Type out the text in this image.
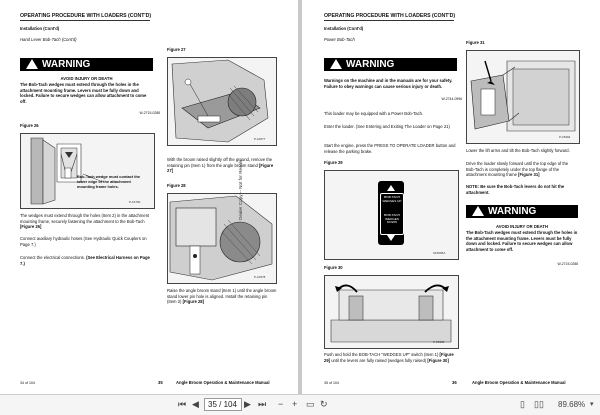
OPERATING PROCEDURE WITH LOADERS (CONT'D)
Installation (Cont'd)
Hand Lever Bob-Tach (Cont'd)
WARNING
AVOID INJURY OR DEATH
The Bob-Tach wedges must extend through the holes in the attachment mounting frame. Levers must be fully down and locked. Failure to secure wedges can allow attachment to come off.
W-2715-0288
Figure 26
Bob-Tach wedge must contact the lower edge of the attachment mounting frame holes.
P-16790
The wedges must extend through the holes (Item 2) in the attachment mounting frame, securely fastening the attachment to the Bob-Tach [Figure 26]
Connect auxiliary hydraulic hoses (See Hydraulic Quick Couplers on Page 7.)
Connect the electrical connections. (See Electrical Harness on Page 7.)
Figure 27
P-10677
With the broom raised slightly off the ground, remove the retaining pin (Item 1) from the angle broom stand [Figure 27]
Figure 28
P-10678
Raise the angle broom stand (Item 1) until the angle broom stand lower pin hole is aligned. Install the retaining pin (Item 2) [Figure 28]
Dealer Copy -- Not for Resale
34 of 104	35	Angle Broom Operation & Maintenance Manual
OPERATING PROCEDURE WITH LOADERS (CONT'D)
Installation (Cont'd)
Power Bob-Tach
WARNING
Warnings on the machine and in the manuals are for your safety. Failure to obey warnings can cause serious injury or death.
W-2744-0996
This loader may be equipped with a Power Bob-Tach.
Enter the loader. (See Entering and Exiting The Loader on Page 21)
Start the engine, press the PRESS TO OPERATE LOADER button and release the parking brake.
Figure 29
BOB-TACH WEDGES UP
BOB-TACH WEDGES DOWN
S15695A
Figure 30
P-15995
Push and hold the BOB-TACH "WEDGES UP" switch (Item 1) [Figure 29] until the levers are fully raised (wedges fully raised) [Figure 30]
Figure 31
P-15994
Lower the lift arms and tilt the Bob-Tach slightly forward.
Drive the loader slowly forward until the top edge of the Bob-Tach is completely under the top flange of the attachment mounting frame [Figure 31]
NOTE: Be sure the Bob-Tach levers do not hit the attachment.
WARNING
AVOID INJURY OR DEATH
The Bob-Tach wedges must extend through the holes in the attachment mounting frame. Levers must be fully down and locked. Failure to secure wedges can allow attachment to come off.
W-2715-0288
35 of 104	36	Angle Broom Operation & Maintenance Manual
⏮ ◀	35 / 104 ▶ ⏭ − + ▭ ↻	▯ ▯▯ 89.68% ▾
